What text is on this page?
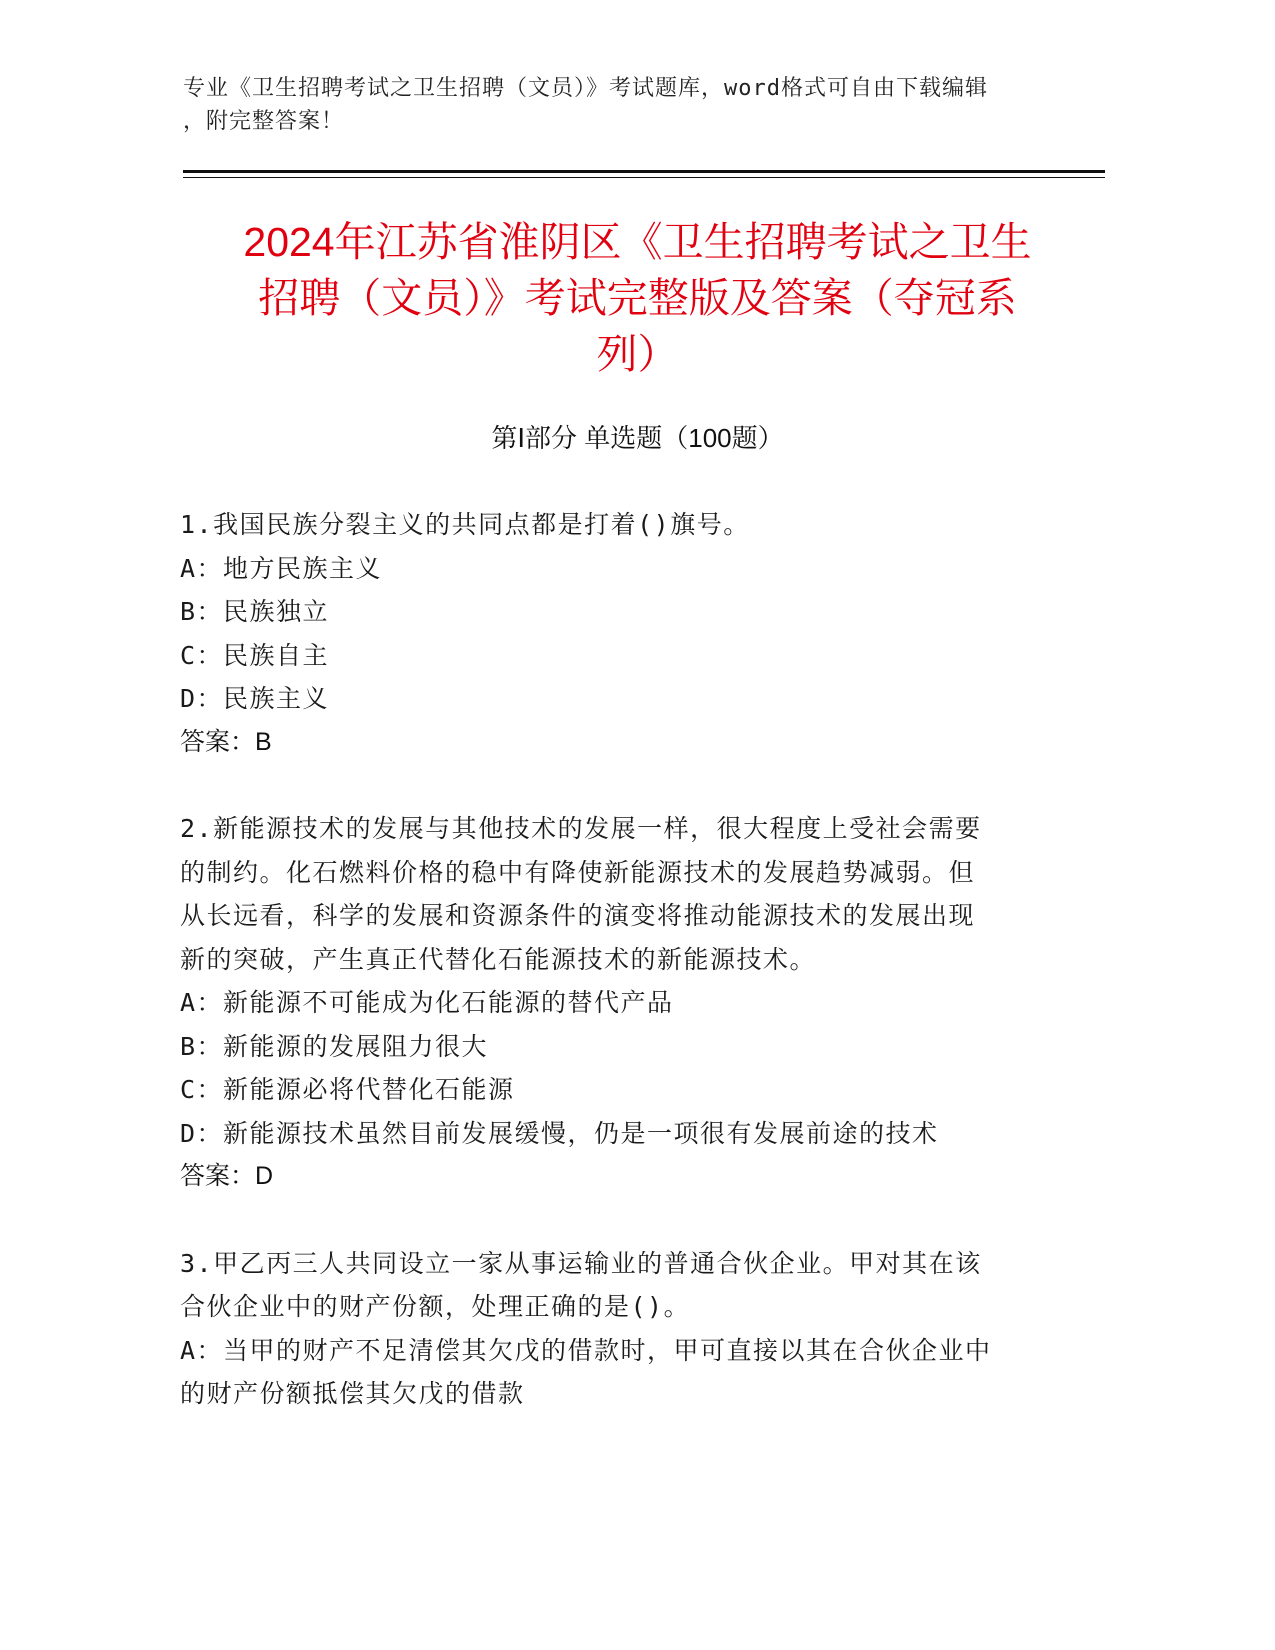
专业《卫生招聘考试之卫生招聘（文员）》考试题库，word格式可自由下载编辑
，附完整答案！
2024年江苏省淮阴区《卫生招聘考试之卫生
招聘（文员）》考试完整版及答案（夺冠系
列）
第Ⅰ部分 单选题（100题）

1.我国民族分裂主义的共同点都是打着()旗号。

A：地方民族主义

B：民族独立

C：民族自主

D：民族主义

答案：B

2.新能源技术的发展与其他技术的发展一样，很大程度上受社会需要

的制约。化石燃料价格的稳中有降使新能源技术的发展趋势减弱。但

从长远看，科学的发展和资源条件的演变将推动能源技术的发展出现

新的突破，产生真正代替化石能源技术的新能源技术。

A：新能源不可能成为化石能源的替代产品

B：新能源的发展阻力很大

C：新能源必将代替化石能源

D：新能源技术虽然目前发展缓慢，仍是一项很有发展前途的技术

答案：D

3.甲乙丙三人共同设立一家从事运输业的普通合伙企业。甲对其在该

合伙企业中的财产份额，处理正确的是()。

A：当甲的财产不足清偿其欠戊的借款时，甲可直接以其在合伙企业中

的财产份额抵偿其欠戊的借款
